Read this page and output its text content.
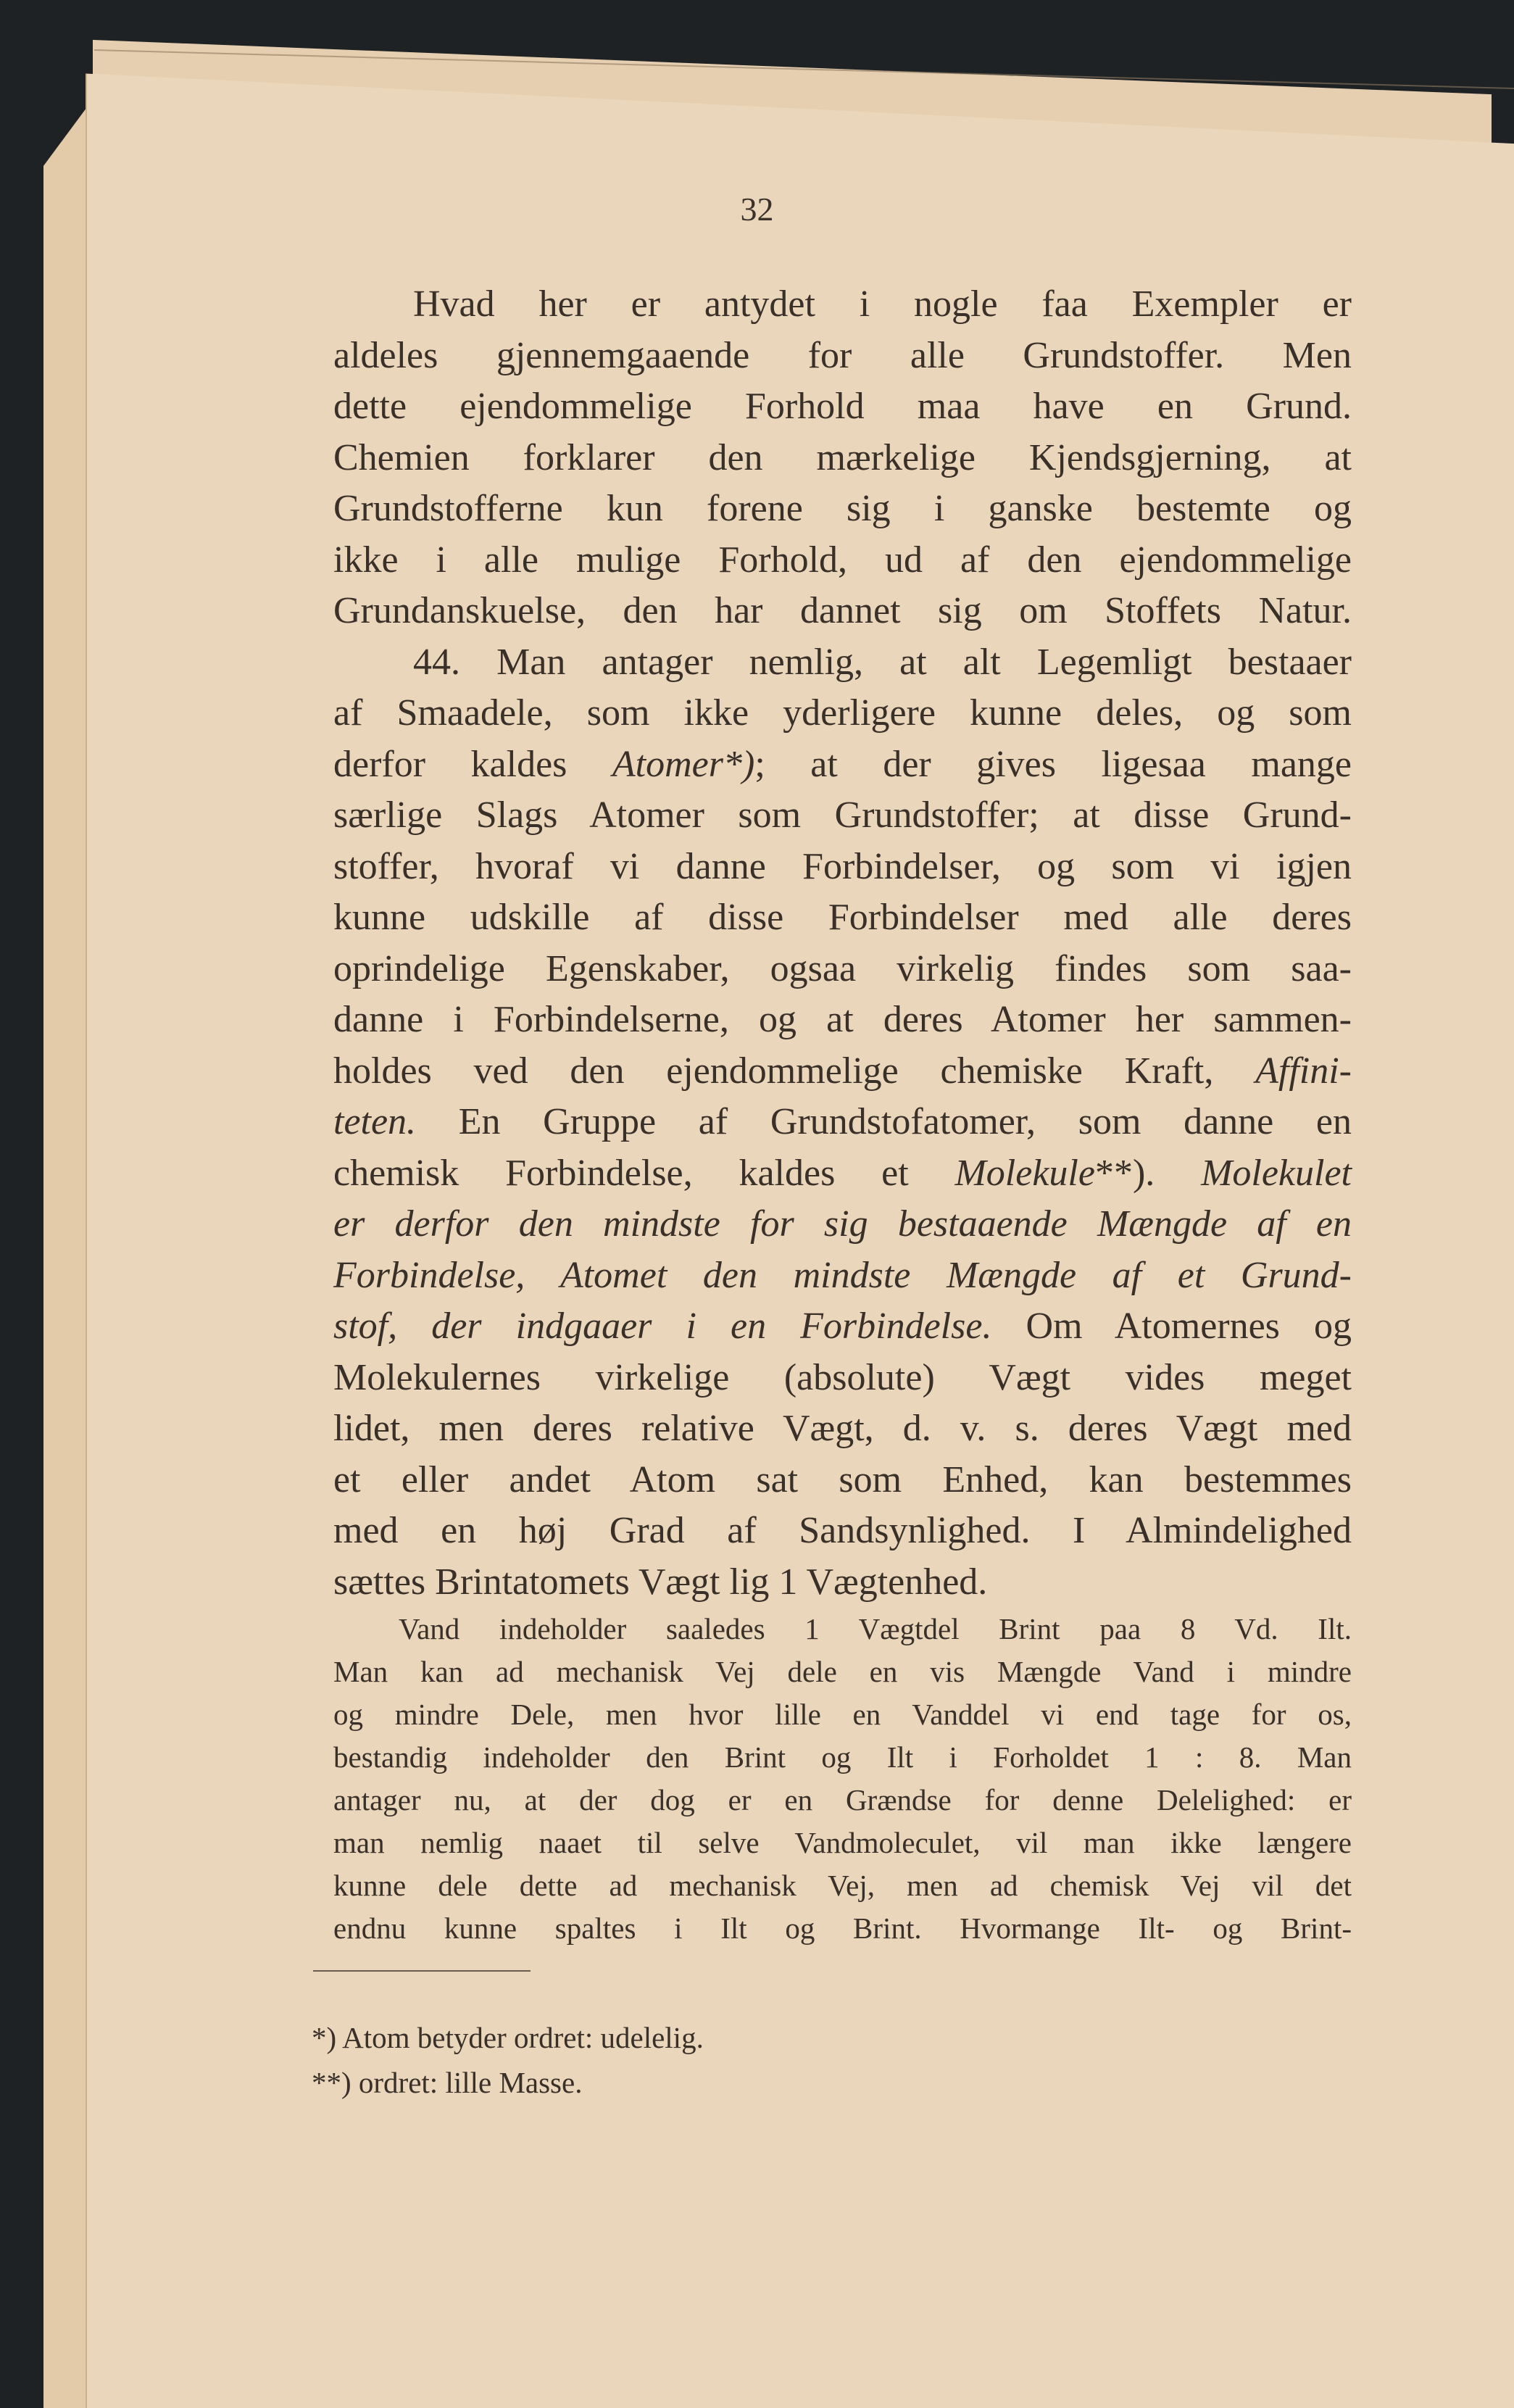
32
Hvad her er antydet i nogle faa Exempler er
aldeles gjennemgaaende for alle Grundstoffer. Men
dette ejendommelige Forhold maa have en Grund.
Chemien forklarer den mærkelige Kjendsgjerning, at
Grundstofferne kun forene sig i ganske bestemte og
ikke i alle mulige Forhold, ud af den ejendommelige
Grundanskuelse, den har dannet sig om Stoffets Natur.
44. Man antager nemlig, at alt Legemligt bestaaer
af Smaadele, som ikke yderligere kunne deles, og som
derfor kaldes Atomer*); at der gives ligesaa mange
særlige Slags Atomer som Grundstoffer; at disse Grund-
stoffer, hvoraf vi danne Forbindelser, og som vi igjen
kunne udskille af disse Forbindelser med alle deres
oprindelige Egenskaber, ogsaa virkelig findes som saa-
danne i Forbindelserne, og at deres Atomer her sammen-
holdes ved den ejendommelige chemiske Kraft, Affini-
teten. En Gruppe af Grundstofatomer, som danne en
chemisk Forbindelse, kaldes et Molekule**). Molekulet
er derfor den mindste for sig bestaaende Mængde af en
Forbindelse, Atomet den mindste Mængde af et Grund-
stof, der indgaaer i en Forbindelse. Om Atomernes og
Molekulernes virkelige (absolute) Vægt vides meget
lidet, men deres relative Vægt, d. v. s. deres Vægt med
et eller andet Atom sat som Enhed, kan bestemmes
med en høj Grad af Sandsynlighed. I Almindelighed
sættes Brintatomets Vægt lig 1 Vægtenhed.
Vand indeholder saaledes 1 Vægtdel Brint paa 8 Vd. Ilt.
Man kan ad mechanisk Vej dele en vis Mængde Vand i mindre
og mindre Dele, men hvor lille en Vanddel vi end tage for os,
bestandig indeholder den Brint og Ilt i Forholdet 1 : 8. Man
antager nu, at der dog er en Grændse for denne Delelighed: er
man nemlig naaet til selve Vandmoleculet, vil man ikke længere
kunne dele dette ad mechanisk Vej, men ad chemisk Vej vil det
endnu kunne spaltes i Ilt og Brint. Hvormange Ilt- og Brint-
*) Atom betyder ordret: udelelig.
**) ordret: lille Masse.
